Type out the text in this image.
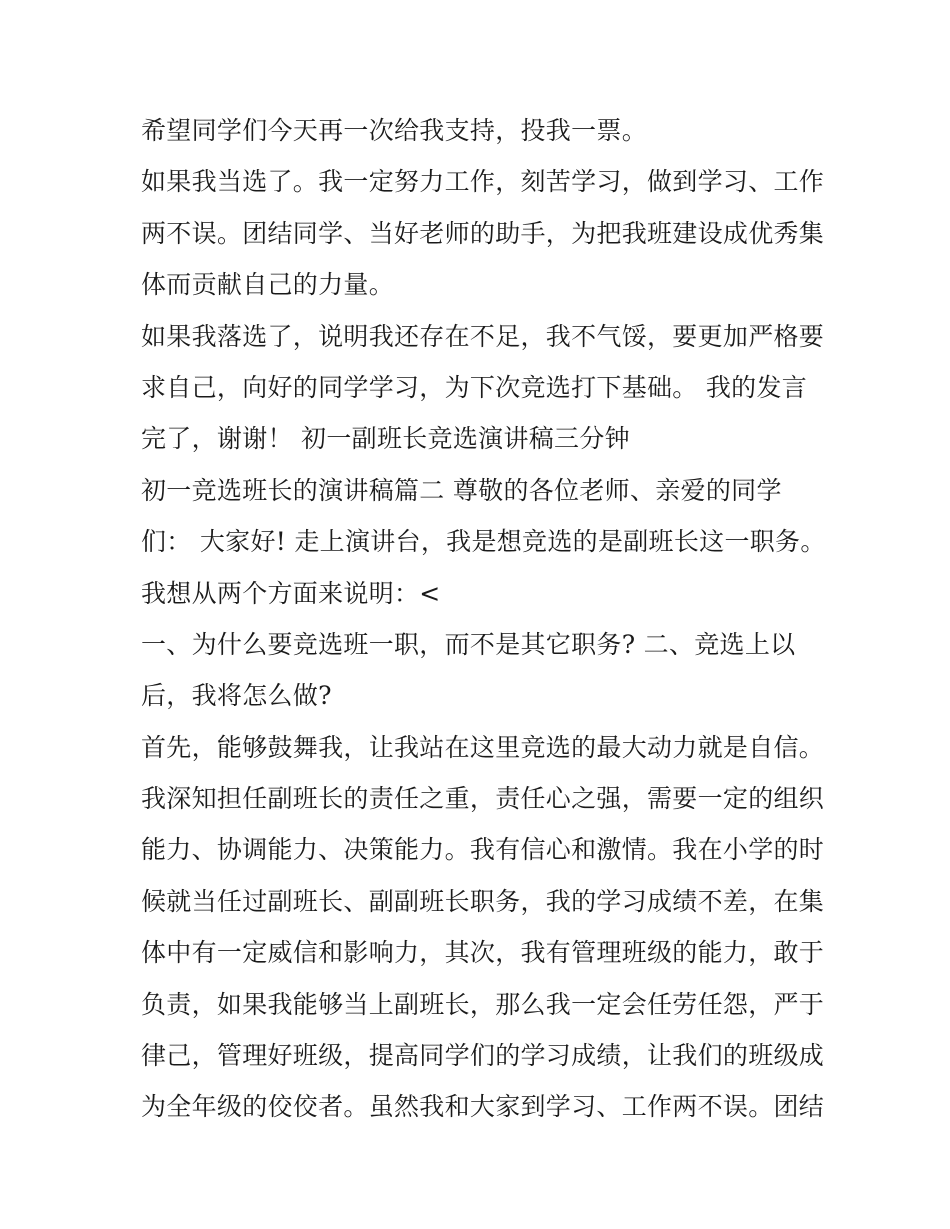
希望同学们今天再一次给我支持，投我一票。
如果我当选了。我一定努力工作，刻苦学习，做到学习、工作
两不误。团结同学、当好老师的助手，为把我班建设成优秀集
体而贡献自己的力量。
如果我落选了，说明我还存在不足，我不气馁，要更加严格要
求自己，向好的同学学习，为下次竞选打下基础。 我的发言
完了，谢谢！ 初一副班长竞选演讲稿三分钟
初一竞选班长的演讲稿篇二 尊敬的各位老师、亲爱的同学
们： 大家好! 走上演讲台，我是想竞选的是副班长这一职务。
我想从两个方面来说明：<
一、为什么要竞选班一职，而不是其它职务? 二、竞选上以
后，我将怎么做?
首先，能够鼓舞我，让我站在这里竞选的最大动力就是自信。
我深知担任副班长的责任之重，责任心之强，需要一定的组织
能力、协调能力、决策能力。我有信心和激情。我在小学的时
候就当任过副班长、副副班长职务，我的学习成绩不差，在集
体中有一定威信和影响力，其次，我有管理班级的能力，敢于
负责，如果我能够当上副班长，那么我一定会任劳任怨，严于
律己，管理好班级，提高同学们的学习成绩，让我们的班级成
为全年级的佼佼者。虽然我和大家到学习、工作两不误。团结
